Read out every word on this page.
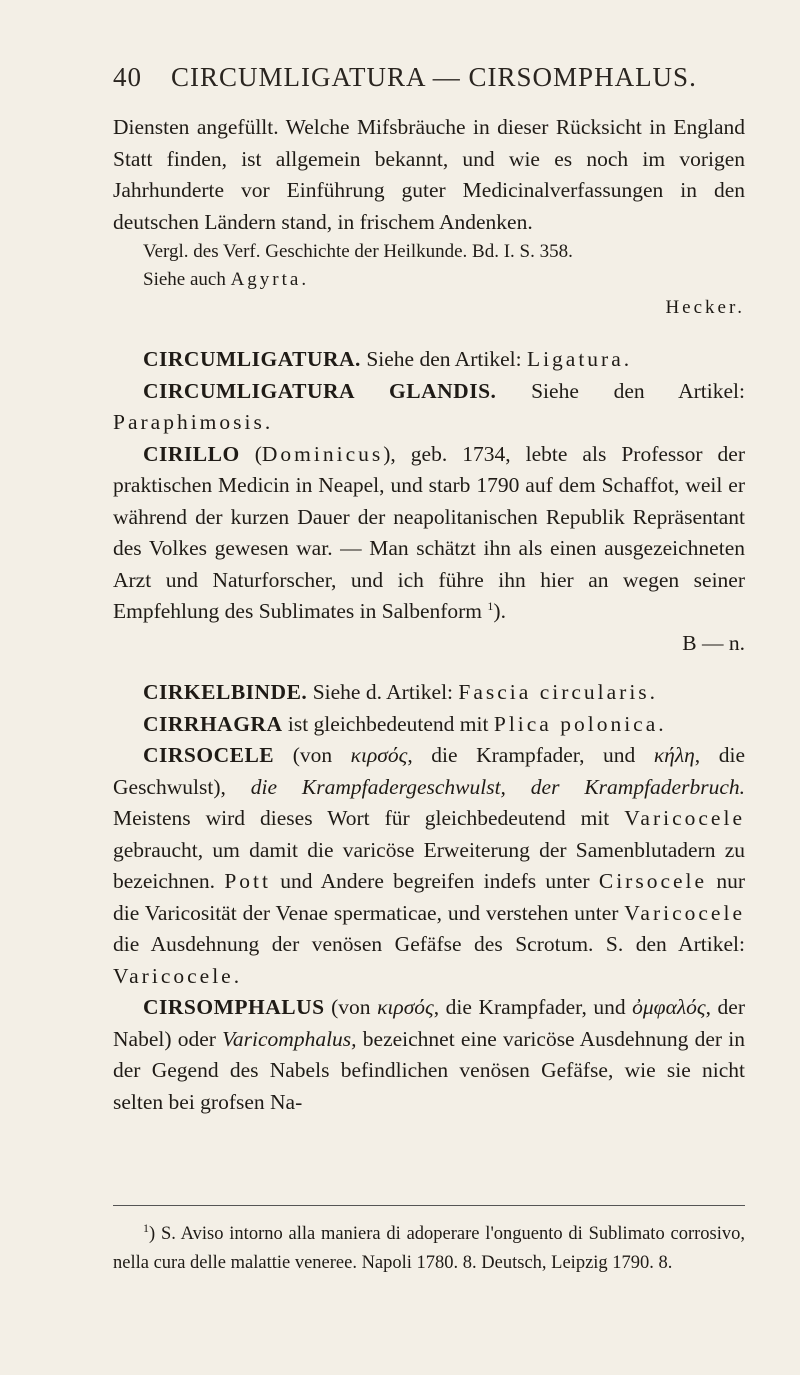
40 CIRCUMLIGATURA — CIRSOMPHALUS.

Diensten angefüllt. Welche Mifsbräuche in dieser Rücksicht in England Statt finden, ist allgemein bekannt, und wie es noch im vorigen Jahrhunderte vor Einführung guter Medicinalverfassungen in den deutschen Ländern stand, in frischem Andenken.

Vergl. des Verf. Geschichte der Heilkunde. Bd. I. S. 358.

Siehe auch Agyrta.

Hecker.

CIRCUMLIGATURA. Siehe den Artikel: Ligatura.

CIRCUMLIGATURA GLANDIS. Siehe den Artikel: Paraphimosis.

CIRILLO (Dominicus), geb. 1734, lebte als Professor der praktischen Medicin in Neapel, und starb 1790 auf dem Schaffot, weil er während der kurzen Dauer der neapolitanischen Republik Repräsentant des Volkes gewesen war. — Man schätzt ihn als einen ausgezeichneten Arzt und Naturforscher, und ich führe ihn hier an wegen seiner Empfehlung des Sublimates in Salbenform $^1$).

B — n.

CIRKELBINDE. Siehe d. Artikel: Fascia circularis.

CIRRHAGRA ist gleichbedeutend mit Plica polonica.

CIRSOCELE (von κιρσός, die Krampfader, und κήλη, die Geschwulst), die Krampfadergeschwulst, der Krampfaderbruch. Meistens wird dieses Wort für gleichbedeutend mit Varicocele gebraucht, um damit die varicöse Erweiterung der Samenblutadern zu bezeichnen. Pott und Andere begreifen indefs unter Cirsocele nur die Varicosität der Venae spermaticae, und verstehen unter Varicocele die Ausdehnung der venösen Gefäfse des Scrotum. S. den Artikel: Varicocele.

CIRSOMPHALUS (von κιρσός, die Krampfader, und ὀμφαλός, der Nabel) oder Varicomphalus, bezeichnet eine varicöse Ausdehnung der in der Gegend des Nabels befindlichen venösen Gefäfse, wie sie nicht selten bei grofsen Na-

$^1$) S. Aviso intorno alla maniera di adoperare l'onguento di Sublimato corrosivo, nella cura delle malattie veneree. Napoli 1780. 8. Deutsch, Leipzig 1790. 8.
